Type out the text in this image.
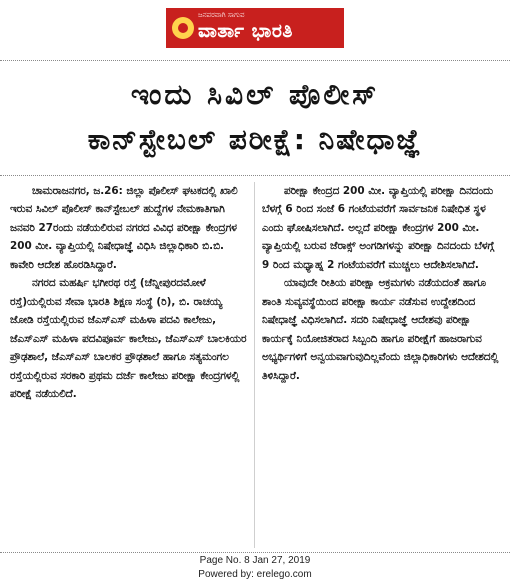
ಜನಪರವಾಗಿ ಸಾಗುವ
ವಾರ್ತಾ ಭಾರತಿ
ಇಂದು ಸಿವಿಲ್ ಪೊಲೀಸ್
ಕಾನ್‌ಸ್ಟೇಬಲ್ ಪರೀಕ್ಷೆ: ನಿಷೇಧಾಜ್ಞೆ

ಚಾಮರಾಜನಗರ, ಜ.26: ಜಿಲ್ಲಾ ಪೊಲೀಸ್ ಘಟಕದಲ್ಲಿ ಖಾಲಿ ಇರುವ ಸಿವಿಲ್ ಪೊಲೀಸ್ ಕಾನ್‌ಸ್ಟೇಬಲ್ ಹುದ್ದೆಗಳ ನೇಮಕಾತಿಗಾಗಿ ಜನವರಿ 27ರಂದು ನಡೆಯಲಿರುವ ನಗರದ ವಿವಿಧ ಪರೀಕ್ಷಾ ಕೇಂದ್ರಗಳ 200 ಮೀ. ವ್ಯಾಪ್ತಿಯಲ್ಲಿ ನಿಷೇಧಾಜ್ಞೆ ವಿಧಿಸಿ ಜಿಲ್ಲಾಧಿಕಾರಿ ಬಿ.ಬಿ. ಕಾವೇರಿ ಆದೇಶ ಹೊರಡಿಸಿದ್ದಾರೆ.

ನಗರದ ಮಹರ್ಷಿ ಭಗೀರಥ ರಸ್ತೆ (ಚೆನ್ನೀಪುರದಮೋಳೆ ರಸ್ತೆ)ಯಲ್ಲಿರುವ ಸೇವಾ ಭಾರತಿ ಶಿಕ್ಷಣ ಸಂಸ್ಥೆ (ರಿ), ಬಿ. ರಾಚಯ್ಯ ಜೋಡಿ ರಸ್ತೆಯಲ್ಲಿರುವ ಜೆಎಸ್‌ಎಸ್ ಮಹಿಳಾ ಪದವಿ ಕಾಲೇಜು, ಜೆಎಸ್‌ಎಸ್ ಮಹಿಳಾ ಪದವಿಪೂರ್ವ ಕಾಲೇಜು, ಜೆಎಸ್‌ಎಸ್ ಬಾಲಕಿಯರ ಪ್ರೌಢಶಾಲೆ, ಜೆಎಸ್‌ಎಸ್ ಬಾಲಕರ ಪ್ರೌಢಶಾಲೆ ಹಾಗೂ ಸತ್ಯಮಂಗಲ ರಸ್ತೆಯಲ್ಲಿರುವ ಸರಕಾರಿ ಪ್ರಥಮ ದರ್ಜೆ ಕಾಲೇಜು ಪರೀಕ್ಷಾ ಕೇಂದ್ರಗಳಲ್ಲಿ ಪರೀಕ್ಷೆ ನಡೆಯಲಿದೆ.

ಪರೀಕ್ಷಾ ಕೇಂದ್ರದ 200 ಮೀ. ವ್ಯಾಪ್ತಿಯಲ್ಲಿ ಪರೀಕ್ಷಾ ದಿನದಂದು ಬೆಳಗ್ಗೆ 6 ರಿಂದ ಸಂಜೆ 6 ಗಂಟೆಯವರೆಗೆ ಸಾರ್ವಜನಿಕ ನಿಷೇಧಿತ ಸ್ಥಳ ಎಂದು ಘೋಷಿಸಲಾಗಿದೆ. ಅಲ್ಲದೆ ಪರೀಕ್ಷಾ ಕೇಂದ್ರಗಳ 200 ಮೀ. ವ್ಯಾಪ್ತಿಯಲ್ಲಿ ಬರುವ ಜೆರಾಕ್ಸ್ ಅಂಗಡಿಗಳನ್ನು ಪರೀಕ್ಷಾ ದಿನದಂದು ಬೆಳಗ್ಗೆ 9 ರಿಂದ ಮಧ್ಯಾಹ್ನ 2 ಗಂಟೆಯವರೆಗೆ ಮುಚ್ಚಲು ಆದೇಶಿಸಲಾಗಿದೆ.

ಯಾವುದೇ ರೀತಿಯ ಪರೀಕ್ಷಾ ಅಕ್ರಮಗಳು ನಡೆಯದಂತೆ ಹಾಗೂ ಶಾಂತಿ ಸುವ್ಯವಸ್ಥೆಯಿಂದ ಪರೀಕ್ಷಾ ಕಾರ್ಯ ನಡೆಸುವ ಉದ್ದೇಶದಿಂದ ನಿಷೇಧಾಜ್ಞೆ ವಿಧಿಸಲಾಗಿದೆ. ಸದರಿ ನಿಷೇಧಾಜ್ಞೆ ಆದೇಶವು ಪರೀಕ್ಷಾ ಕಾರ್ಯಕ್ಕೆ ನಿಯೋಜಿತರಾದ ಸಿಬ್ಬಂದಿ ಹಾಗೂ ಪರೀಕ್ಷೆಗೆ ಹಾಜರಾಗುವ ಅಭ್ಯರ್ಥಿಗಳಿಗೆ ಅನ್ವಯವಾಗುವುದಿಲ್ಲವೆಂದು ಜಿಲ್ಲಾಧಿಕಾರಿಗಳು ಆದೇಶದಲ್ಲಿ ತಿಳಿಸಿದ್ದಾರೆ.

Page No. 8 Jan 27, 2019
Powered by: erelego.com
